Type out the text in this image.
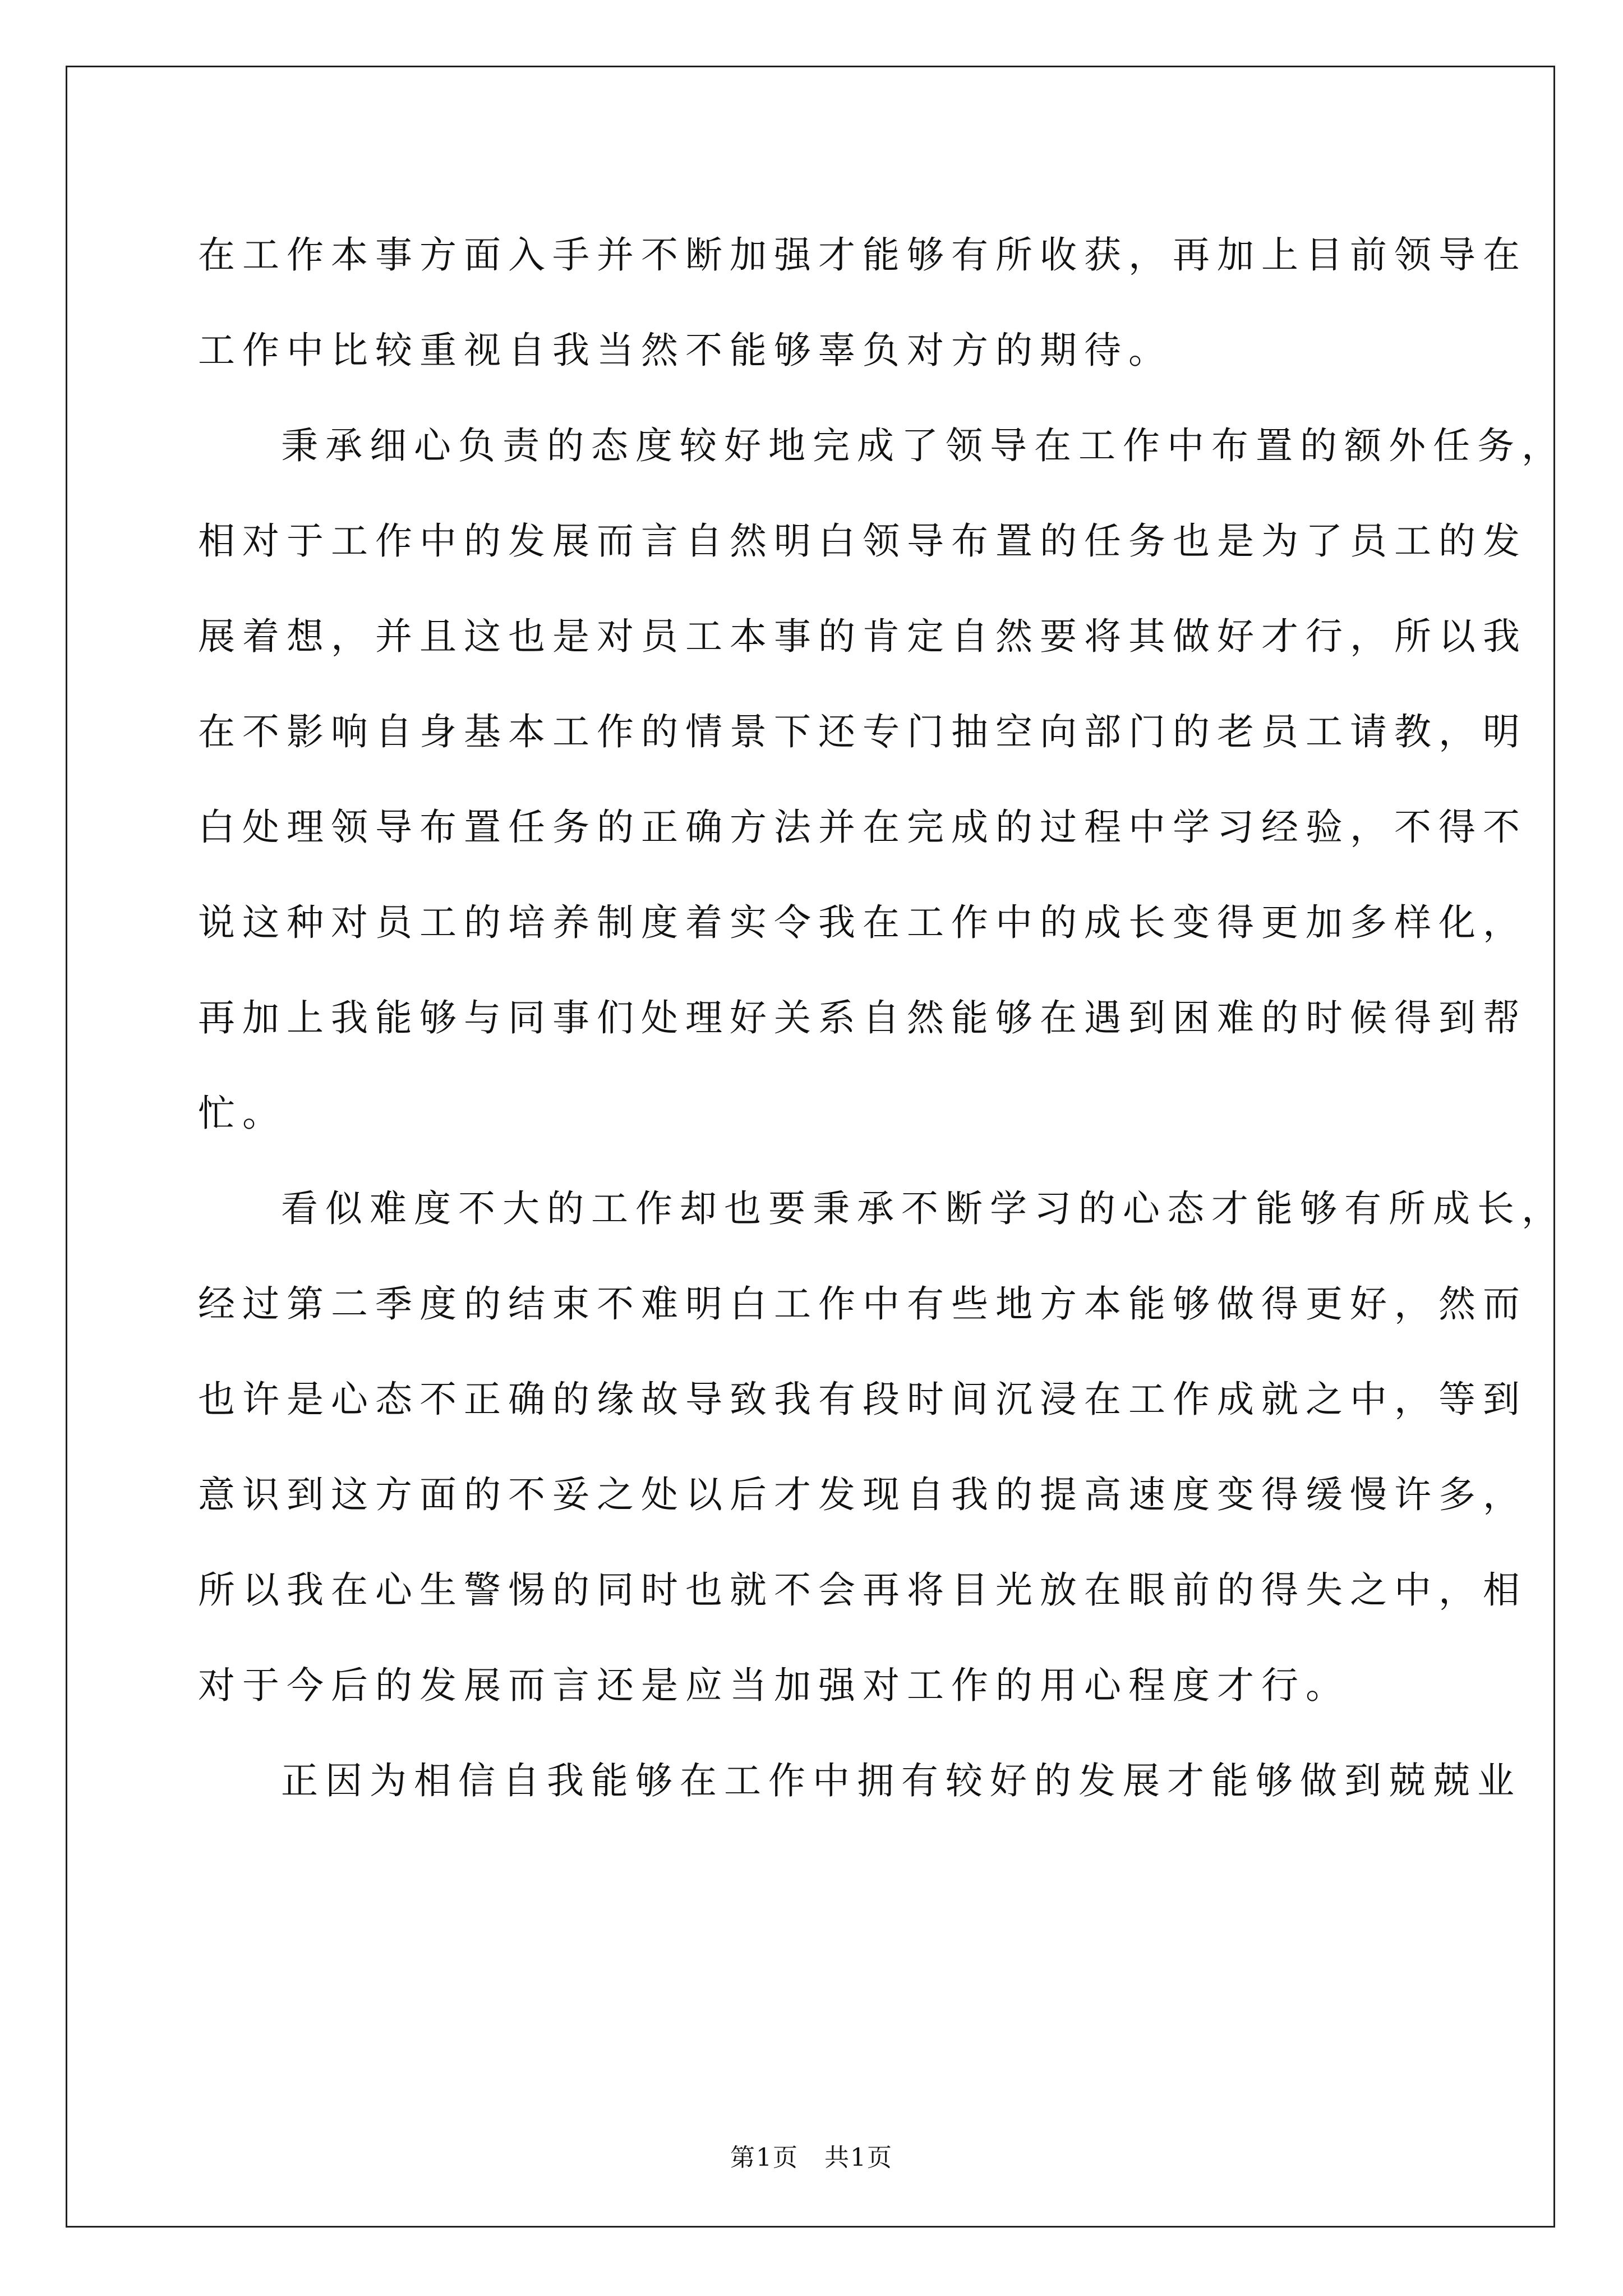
在工作本事方面入手并不断加强才能够有所收获，再加上目前领导在
工作中比较重视自我当然不能够辜负对方的期待。
秉承细心负责的态度较好地完成了领导在工作中布置的额外任务，
相对于工作中的发展而言自然明白领导布置的任务也是为了员工的发
展着想，并且这也是对员工本事的肯定自然要将其做好才行，所以我
在不影响自身基本工作的情景下还专门抽空向部门的老员工请教，明
白处理领导布置任务的正确方法并在完成的过程中学习经验，不得不
说这种对员工的培养制度着实令我在工作中的成长变得更加多样化，
再加上我能够与同事们处理好关系自然能够在遇到困难的时候得到帮
忙。
看似难度不大的工作却也要秉承不断学习的心态才能够有所成长，
经过第二季度的结束不难明白工作中有些地方本能够做得更好，然而
也许是心态不正确的缘故导致我有段时间沉浸在工作成就之中，等到
意识到这方面的不妥之处以后才发现自我的提高速度变得缓慢许多，
所以我在心生警惕的同时也就不会再将目光放在眼前的得失之中，相
对于今后的发展而言还是应当加强对工作的用心程度才行。
正因为相信自我能够在工作中拥有较好的发展才能够做到兢兢业
第1页　共1页
